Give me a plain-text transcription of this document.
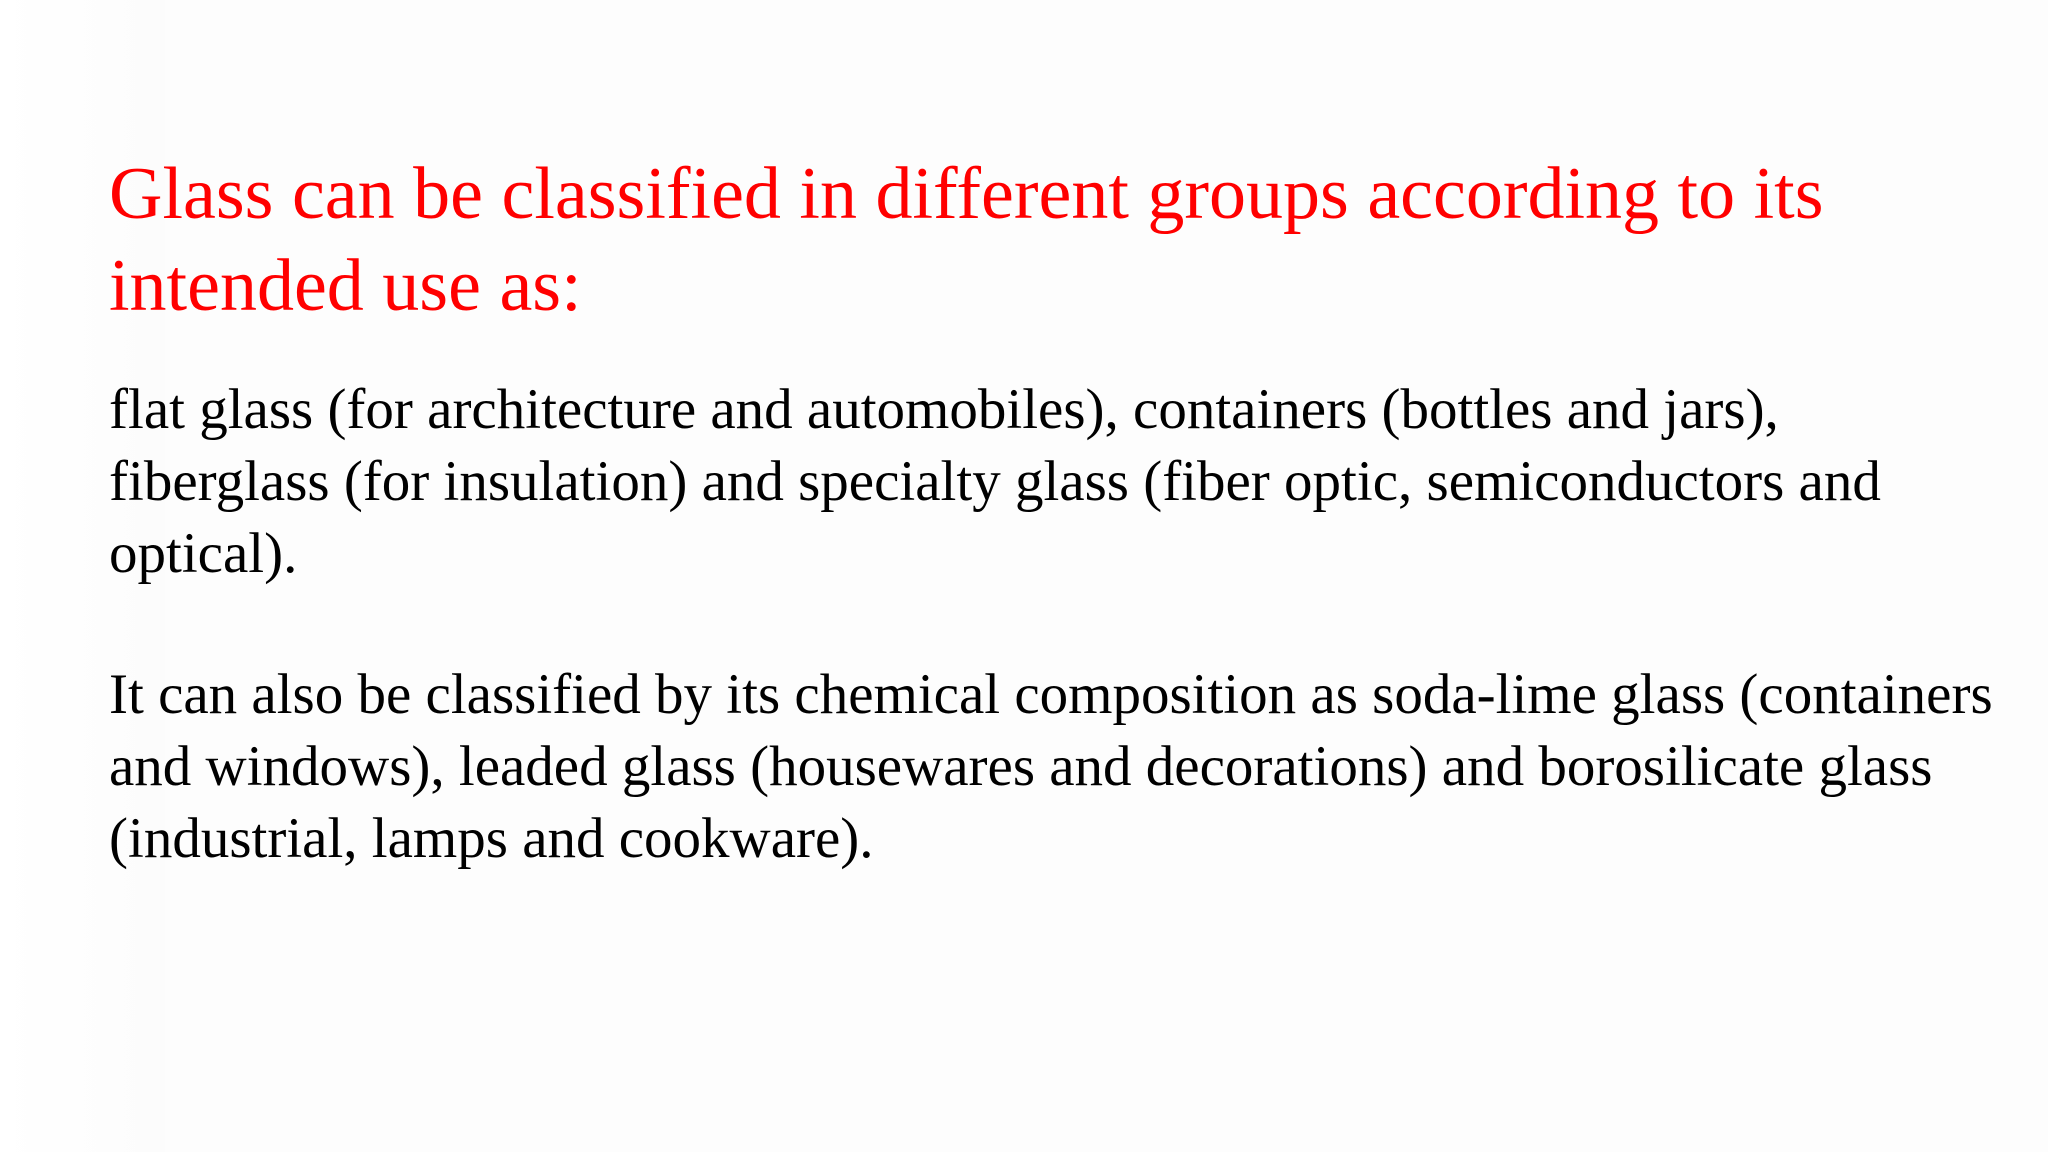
Glass can be classified in different groups according to its intended use as:

flat glass (for architecture and automobiles), containers (bottles and jars), fiberglass (for insulation) and specialty glass (fiber optic, semiconductors and optical).

It can also be classified by its chemical composition as soda-lime glass (containers and windows), leaded glass (housewares and decorations) and borosilicate glass (industrial, lamps and cookware).
